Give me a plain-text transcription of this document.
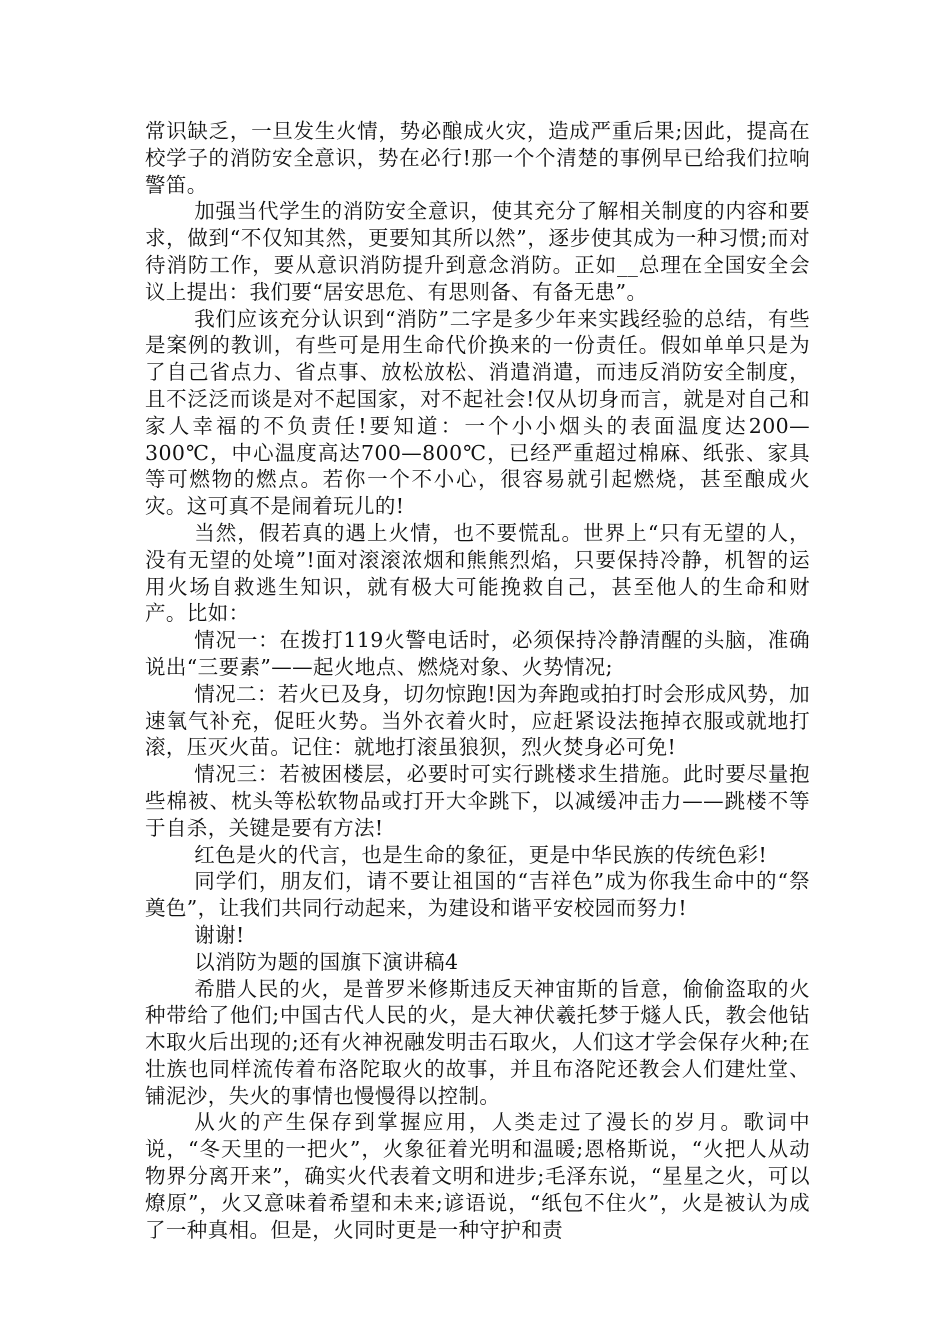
常识缺乏，一旦发生火情，势必酿成火灾，造成严重后果;因此，提高在校学子的消防安全意识，势在必行!那一个个清楚的事例早已给我们拉响警笛。

加强当代学生的消防安全意识，使其充分了解相关制度的内容和要求，做到“不仅知其然，更要知其所以然”，逐步使其成为一种习惯;而对待消防工作，要从意识消防提升到意念消防。正如__总理在全国安全会议上提出：我们要“居安思危、有思则备、有备无患”。

我们应该充分认识到“消防”二字是多少年来实践经验的总结，有些是案例的教训，有些可是用生命代价换来的一份责任。假如单单只是为了自己省点力、省点事、放松放松、消遣消遣，而违反消防安全制度，且不泛泛而谈是对不起国家，对不起社会!仅从切身而言，就是对自己和家人幸福的不负责任!要知道：一个小小烟头的表面温度达200—300℃，中心温度高达700—800℃，已经严重超过棉麻、纸张、家具等可燃物的燃点。若你一个不小心，很容易就引起燃烧，甚至酿成火灾。这可真不是闹着玩儿的!

当然，假若真的遇上火情，也不要慌乱。世界上“只有无望的人，没有无望的处境”!面对滚滚浓烟和熊熊烈焰，只要保持冷静，机智的运用火场自救逃生知识，就有极大可能挽救自己，甚至他人的生命和财产。比如：

情况一：在拨打119火警电话时，必须保持冷静清醒的头脑，准确说出“三要素”——起火地点、燃烧对象、火势情况;

情况二：若火已及身，切勿惊跑!因为奔跑或拍打时会形成风势，加速氧气补充，促旺火势。当外衣着火时，应赶紧设法拖掉衣服或就地打滚，压灭火苗。记住：就地打滚虽狼狈，烈火焚身必可免!

情况三：若被困楼层，必要时可实行跳楼求生措施。此时要尽量抱些棉被、枕头等松软物品或打开大伞跳下，以减缓冲击力——跳楼不等于自杀，关键是要有方法!

红色是火的代言，也是生命的象征，更是中华民族的传统色彩!

同学们，朋友们，请不要让祖国的“吉祥色”成为你我生命中的“祭奠色”，让我们共同行动起来，为建设和谐平安校园而努力!

谢谢!

以消防为题的国旗下演讲稿4

希腊人民的火，是普罗米修斯违反天神宙斯的旨意，偷偷盗取的火种带给了他们;中国古代人民的火，是大神伏羲托梦于燧人氏，教会他钻木取火后出现的;还有火神祝融发明击石取火，人们这才学会保存火种;在壮族也同样流传着布洛陀取火的故事，并且布洛陀还教会人们建灶堂、铺泥沙，失火的事情也慢慢得以控制。

从火的产生保存到掌握应用，人类走过了漫长的岁月。歌词中说，“冬天里的一把火”，火象征着光明和温暖;恩格斯说，“火把人从动物界分离开来”，确实火代表着文明和进步;毛泽东说，“星星之火，可以燎原”，火又意味着希望和未来;谚语说，“纸包不住火”，火是被认为成了一种真相。但是，火同时更是一种守护和责
